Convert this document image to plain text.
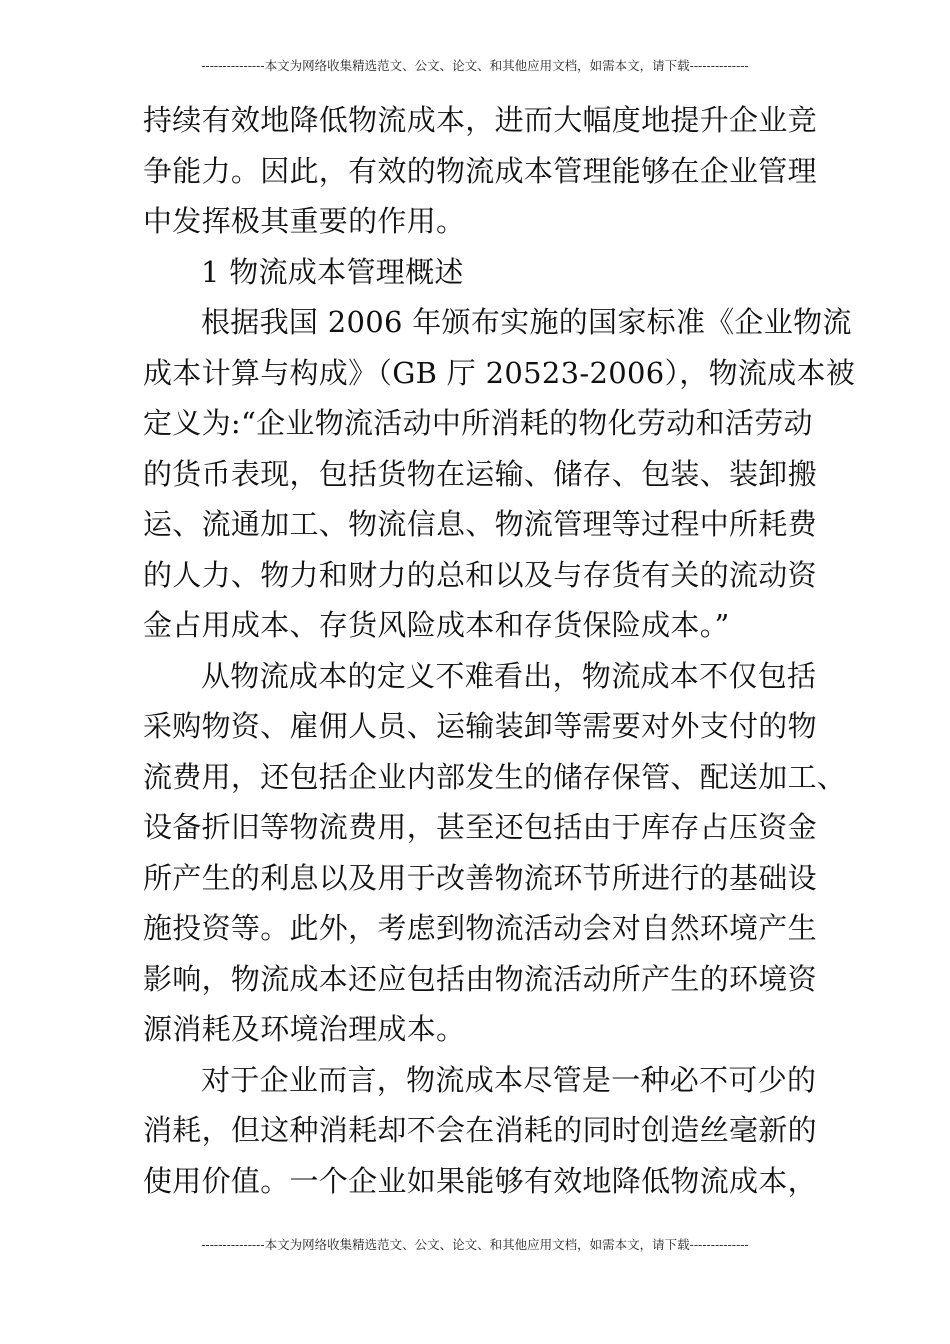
---------------本文为网络收集精选范文、公文、论文、和其他应用文档，如需本文，请下载--------------
持续有效地降低物流成本，进而大幅度地提升企业竞
争能力。因此，有效的物流成本管理能够在企业管理
中发挥极其重要的作用。
1 物流成本管理概述
根据我国 2006 年颁布实施的国家标准《企业物流
成本计算与构成》（GB 厅 20523-2006），物流成本被
定义为:“企业物流活动中所消耗的物化劳动和活劳动
的货币表现，包括货物在运输、储存、包装、装卸搬
运、流通加工、物流信息、物流管理等过程中所耗费
的人力、物力和财力的总和以及与存货有关的流动资
金占用成本、存货风险成本和存货保险成本。”
从物流成本的定义不难看出，物流成本不仅包括
采购物资、雇佣人员、运输装卸等需要对外支付的物
流费用，还包括企业内部发生的储存保管、配送加工、
设备折旧等物流费用，甚至还包括由于库存占压资金
所产生的利息以及用于改善物流环节所进行的基础设
施投资等。此外，考虑到物流活动会对自然环境产生
影响，物流成本还应包括由物流活动所产生的环境资
源消耗及环境治理成本。
对于企业而言，物流成本尽管是一种必不可少的
消耗，但这种消耗却不会在消耗的同时创造丝毫新的
使用价值。一个企业如果能够有效地降低物流成本，
---------------本文为网络收集精选范文、公文、论文、和其他应用文档，如需本文，请下载--------------
